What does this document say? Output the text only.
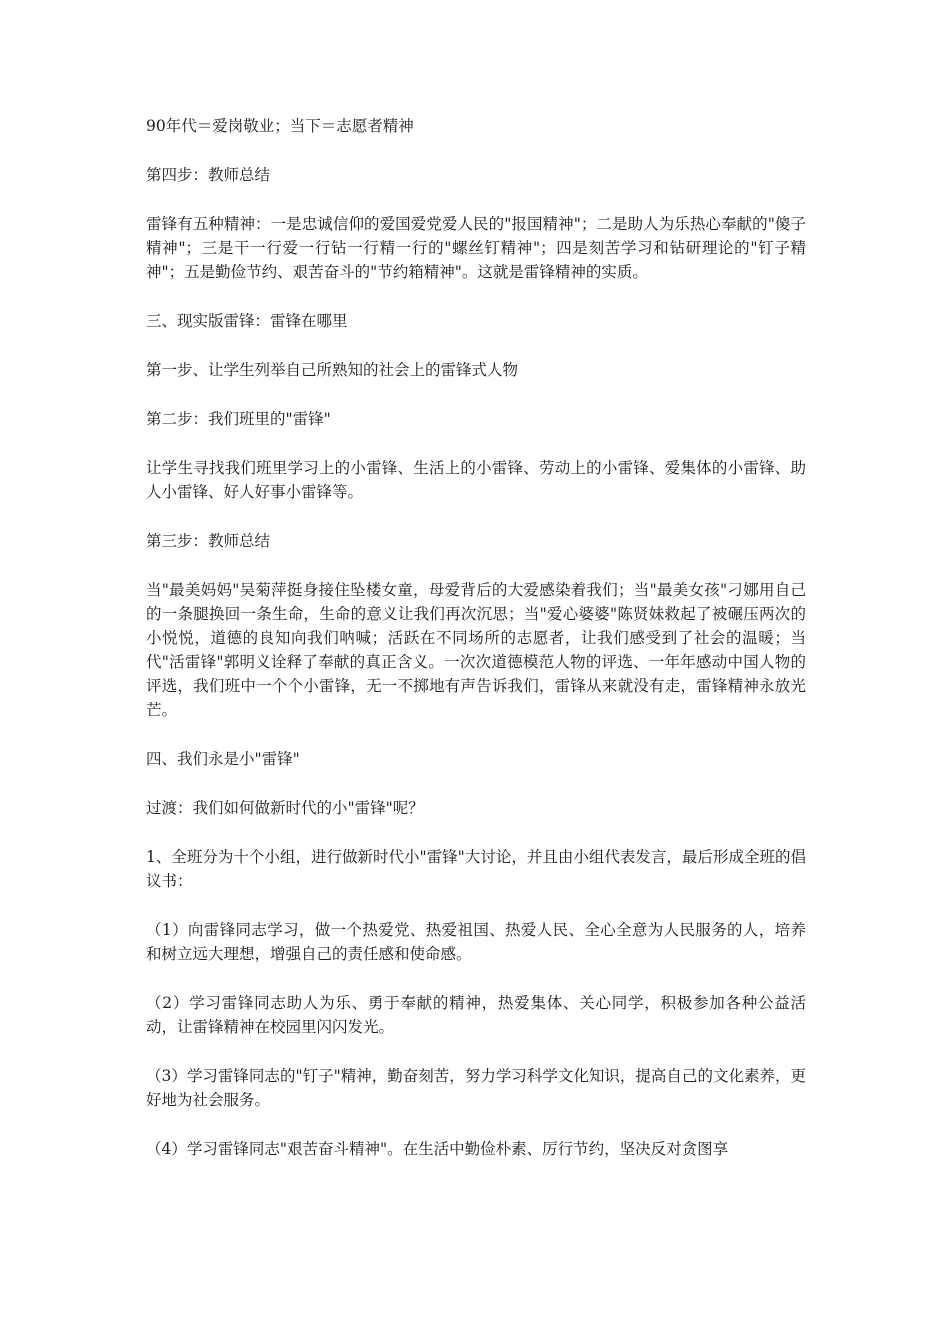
90年代＝爱岗敬业；当下＝志愿者精神

第四步：教师总结

雷锋有五种精神：一是忠诚信仰的爱国爱党爱人民的"报国精神"；二是助人为乐热心奉献的"傻子精神"；三是干一行爱一行钻一行精一行的"螺丝钉精神"；四是刻苦学习和钻研理论的"钉子精神"；五是勤俭节约、艰苦奋斗的"节约箱精神"。这就是雷锋精神的实质。

三、现实版雷锋：雷锋在哪里

第一步、让学生列举自己所熟知的社会上的雷锋式人物

第二步：我们班里的"雷锋"

让学生寻找我们班里学习上的小雷锋、生活上的小雷锋、劳动上的小雷锋、爱集体的小雷锋、助人小雷锋、好人好事小雷锋等。

第三步：教师总结

当"最美妈妈"吴菊萍挺身接住坠楼女童，母爱背后的大爱感染着我们；当"最美女孩"刁娜用自己的一条腿换回一条生命，生命的意义让我们再次沉思；当"爱心婆婆"陈贤妹救起了被碾压两次的小悦悦，道德的良知向我们呐喊；活跃在不同场所的志愿者，让我们感受到了社会的温暖；当代"活雷锋"郭明义诠释了奉献的真正含义。一次次道德模范人物的评选、一年年感动中国人物的评选，我们班中一个个小雷锋，无一不掷地有声告诉我们，雷锋从来就没有走，雷锋精神永放光芒。

四、我们永是小"雷锋"

过渡：我们如何做新时代的小"雷锋"呢？

1、全班分为十个小组，进行做新时代小"雷锋"大讨论，并且由小组代表发言，最后形成全班的倡议书：

（1）向雷锋同志学习，做一个热爱党、热爱祖国、热爱人民、全心全意为人民服务的人，培养和树立远大理想，增强自己的责任感和使命感。

（2）学习雷锋同志助人为乐、勇于奉献的精神，热爱集体、关心同学，积极参加各种公益活动，让雷锋精神在校园里闪闪发光。

（3）学习雷锋同志的"钉子"精神，勤奋刻苦，努力学习科学文化知识，提高自己的文化素养，更好地为社会服务。

（4）学习雷锋同志"艰苦奋斗精神"。在生活中勤俭朴素、厉行节约，坚决反对贪图享
